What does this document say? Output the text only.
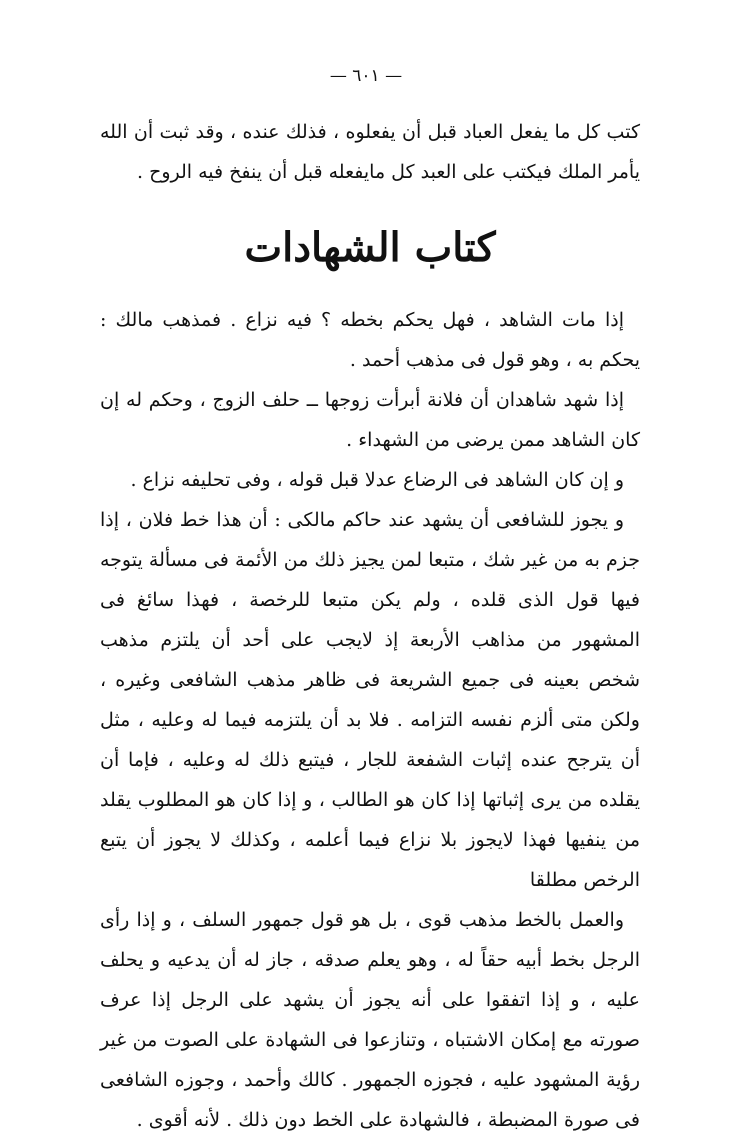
— ٦٠١ —

كتب كل ما يفعل العباد قبل أن يفعلوه ، فذلك عنده ، وقد ثبت أن الله يأمر الملك فيكتب على العبد كل مايفعله قبل أن ينفخ فيه الروح .

كتاب الشهادات

إذا مات الشاهد ، فهل يحكم بخطه ؟ فيه نزاع . فمذهب مالك : يحكم به ، وهو قول فى مذهب أحمد .

إذا شهد شاهدان أن فلانة أبرأت زوجها ــ حلف الزوج ، وحكم له إن كان الشاهد ممن يرضى من الشهداء .

و إن كان الشاهد فى الرضاع عدلا قبل قوله ، وفى تحليفه نزاع .

و يجوز للشافعى أن يشهد عند حاكم مالكى : أن هذا خط فلان ، إذا جزم به من غير شك ، متبعا لمن يجيز ذلك من الأئمة فى مسألة يتوجه فيها قول الذى قلده ، ولم يكن متبعا للرخصة ، فهذا سائغ فى المشهور من مذاهب الأربعة إذ لايجب على أحد أن يلتزم مذهب شخص بعينه فى جميع الشريعة فى ظاهر مذهب الشافعى وغيره ، ولكن متى ألزم نفسه التزامه . فلا بد أن يلتزمه فيما له وعليه ، مثل أن يترجح عنده إثبات الشفعة للجار ، فيتبع ذلك له وعليه ، فإما أن يقلده من يرى إثباتها إذا كان هو الطالب ، و إذا كان هو المطلوب يقلد من ينفيها فهذا لايجوز بلا نزاع فيما أعلمه ، وكذلك لا يجوز أن يتبع الرخص مطلقا

والعمل بالخط مذهب قوى ، بل هو قول جمهور السلف ، و إذا رأى الرجل بخط أبيه حقاً له ، وهو يعلم صدقه ، جاز له أن يدعيه و يحلف عليه ، و إذا اتفقوا على أنه يجوز أن يشهد على الرجل إذا عرف صورته مع إمكان الاشتباه ، وتنازعوا فى الشهادة على الصوت من غير رؤية المشهود عليه ، فجوزه الجمهور . كالك وأحمد ، وجوزه الشافعى فى صورة المضبطة ، فالشهادة على الخط دون ذلك . لأنه أقوى .
